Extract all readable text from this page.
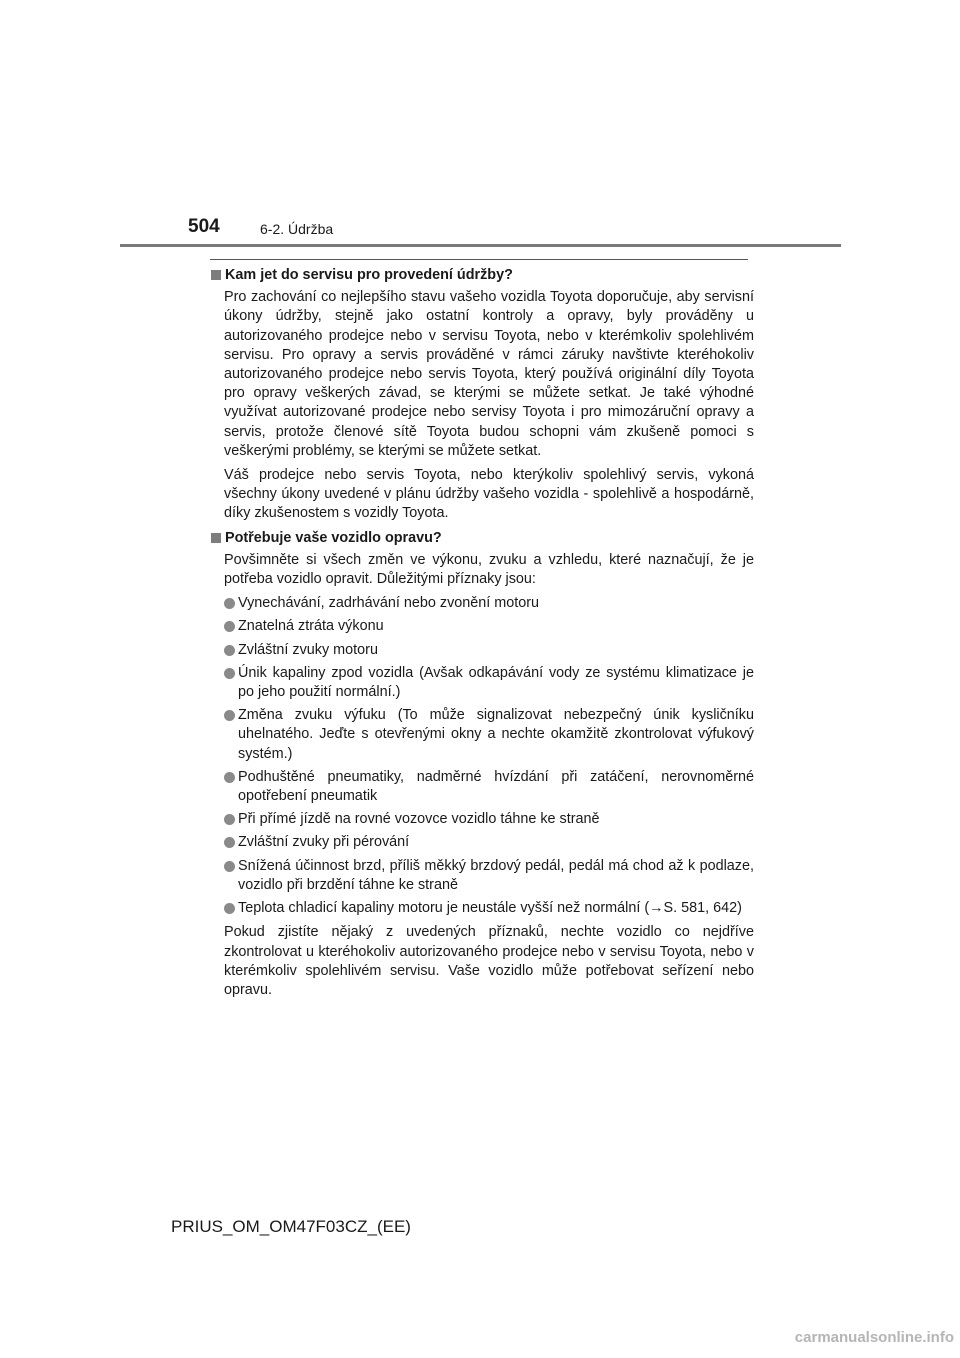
504	6-2. Údržba
Kam jet do servisu pro provedení údržby?
Pro zachování co nejlepšího stavu vašeho vozidla Toyota doporučuje, aby servisní úkony údržby, stejně jako ostatní kontroly a opravy, byly prováděny u autorizovaného prodejce nebo v servisu Toyota, nebo v kterémkoliv spolehlivém servisu. Pro opravy a servis prováděné v rámci záruky navštivte kteréhokoliv autorizovaného prodejce nebo servis Toyota, který používá originální díly Toyota pro opravy veškerých závad, se kterými se můžete setkat. Je také výhodné využívat autorizované prodejce nebo servisy Toyota i pro mimozáruční opravy a servis, protože členové sítě Toyota budou schopni vám zkušeně pomoci s veškerými problémy, se kterými se můžete setkat.
Váš prodejce nebo servis Toyota, nebo kterýkoliv spolehlivý servis, vykoná všechny úkony uvedené v plánu údržby vašeho vozidla - spolehlivě a hospodárně, díky zkušenostem s vozidly Toyota.
Potřebuje vaše vozidlo opravu?
Povšimněte si všech změn ve výkonu, zvuku a vzhledu, které naznačují, že je potřeba vozidlo opravit. Důležitými příznaky jsou:
Vynechávání, zadrhávání nebo zvonění motoru
Znatelná ztráta výkonu
Zvláštní zvuky motoru
Únik kapaliny zpod vozidla (Avšak odkapávání vody ze systému klimatizace je po jeho použití normální.)
Změna zvuku výfuku (To může signalizovat nebezpečný únik kysličníku uhelnatého. Jeďte s otevřenými okny a nechte okamžitě zkontrolovat výfukový systém.)
Podhuštěné pneumatiky, nadměrné hvízdání při zatáčení, nerovnoměrné opotřebení pneumatik
Při přímé jízdě na rovné vozovce vozidlo táhne ke straně
Zvláštní zvuky při pérování
Snížená účinnost brzd, příliš měkký brzdový pedál, pedál má chod až k podlaze, vozidlo při brzdění táhne ke straně
Teplota chladicí kapaliny motoru je neustále vyšší než normální (→S. 581, 642)
Pokud zjistíte nějaký z uvedených příznaků, nechte vozidlo co nejdříve zkontrolovat u kteréhokoliv autorizovaného prodejce nebo v servisu Toyota, nebo v kterémkoliv spolehlivém servisu. Vaše vozidlo může potřebovat seřízení nebo opravu.
PRIUS_OM_OM47F03CZ_(EE)
carmanualsonline.info
